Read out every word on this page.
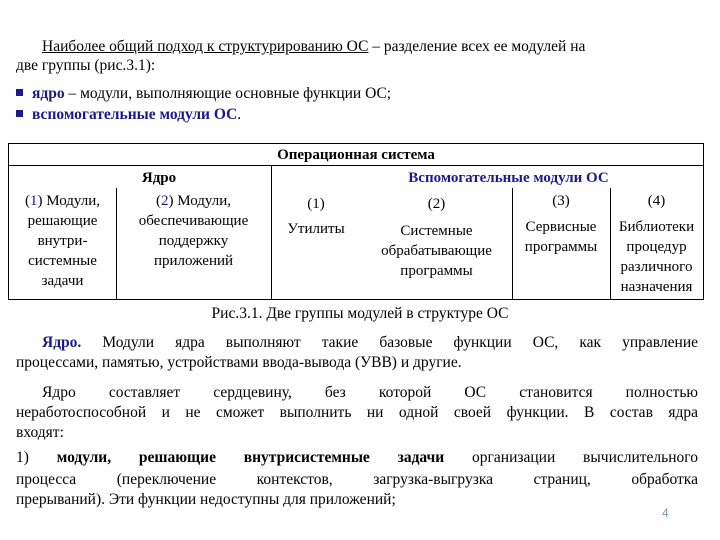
Наиболее общий подход к структурированию ОС – разделение всех ее модулей на
две группы (рис.3.1):
ядро – модули, выполняющие основные функции ОС;
вспомогательные модули ОС.
Операционная система
Ядро	Вспомогательные модули ОС
(1) Модули,
решающие
внутри-
системные
задачи
(2) Модули,
обеспечивающие
поддержку
приложений
(1)
Утилиты
(2)
Системные
обрабатывающие
программы
(3)
Сервисные
программы
(4)
Библиотеки
процедур
различного
назначения
Рис.3.1. Две группы модулей в структуре ОС
Ядро. Модули ядра выполняют такие базовые функции ОС, как управление
процессами, памятью, устройствами ввода-вывода (УВВ) и другие.
Ядро составляет сердцевину, без которой ОС становится полностью
неработоспособной и не сможет выполнить ни одной своей функции. В состав ядра
входят:
1) модули, решающие внутрисистемные задачи организации вычислительного
процесса (переключение контекстов, загрузка-выгрузка страниц, обработка
прерываний). Эти функции недоступны для приложений;
4
